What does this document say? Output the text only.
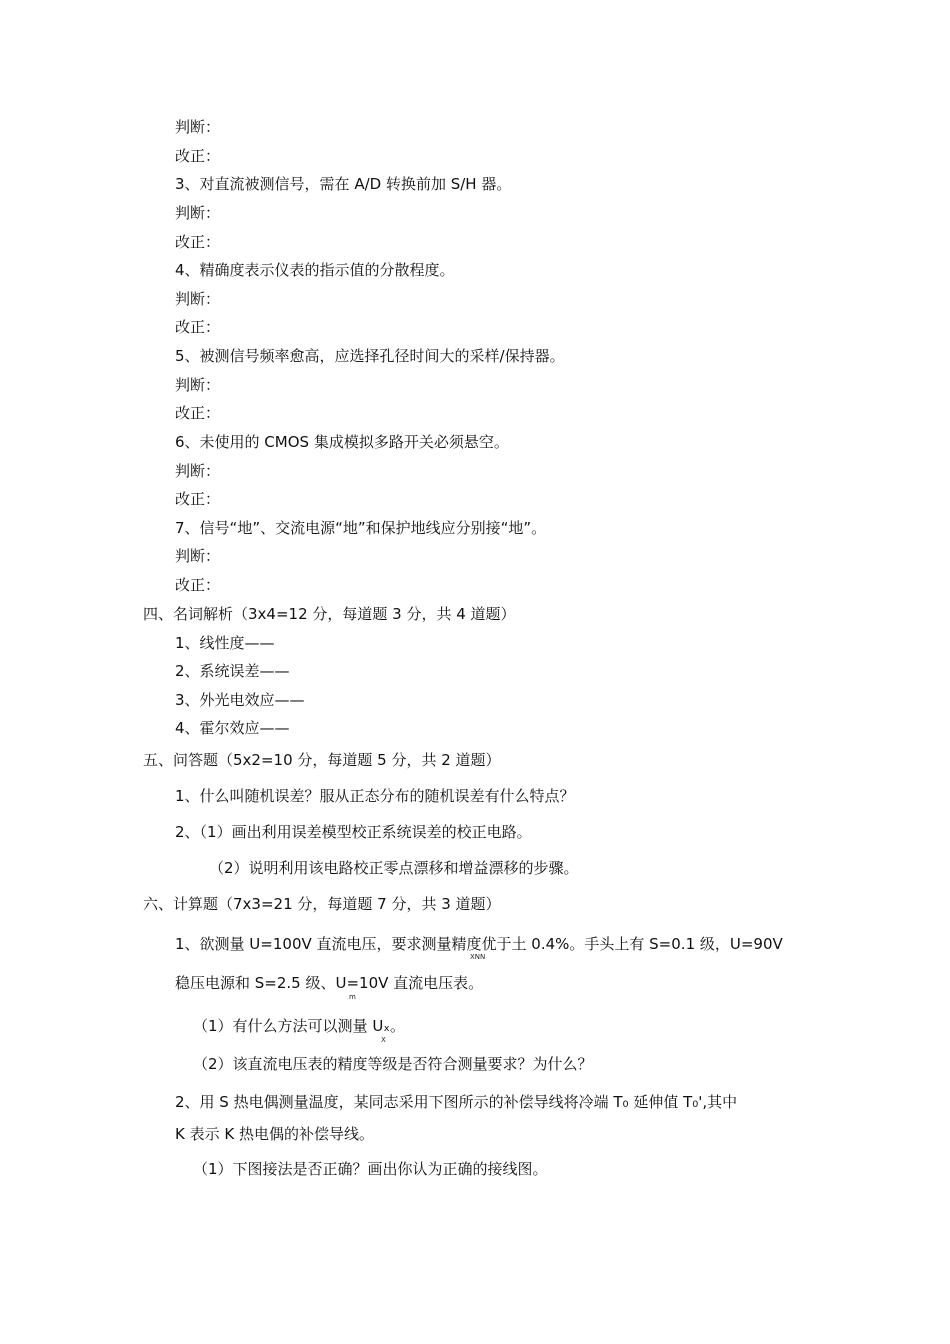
判断：
改正：
3、对直流被测信号，需在 A/D 转换前加 S/H 器。
判断：
改正：
4、精确度表示仪表的指示值的分散程度。
判断：
改正：
5、被测信号频率愈高，应选择孔径时间大的采样/保持器。
判断：
改正：
6、未使用的 CMOS 集成模拟多路开关必须悬空。
判断：
改正：
7、信号“地”、交流电源“地”和保护地线应分别接“地”。
判断：
改正：
四、名词解析（3x4=12 分，每道题 3 分，共 4 道题）
1、线性度——
2、系统误差——
3、外光电效应——
4、霍尔效应——
五、问答题（5x2=10 分，每道题 5 分，共 2 道题）
1、什么叫随机误差？服从正态分布的随机误差有什么特点？
2、（1）画出利用误差模型校正系统误差的校正电路。
（2）说明利用该电路校正零点漂移和增益漂移的步骤。
六、计算题（7x3=21 分，每道题 7 分，共 3 道题）
1、欲测量 U=100V 直流电压，要求测量精度优于土 0.4%。手头上有 S=0.1 级，U=90V
XNN
稳压电源和 S=2.5 级、U=10V 直流电压表。
m
（1）有什么方法可以测量 Uₓ。
X
（2）该直流电压表的精度等级是否符合测量要求？为什么？
2、用 S 热电偶测量温度，某同志采用下图所示的补偿导线将冷端 T₀ 延伸值 T₀',其中
K 表示 K 热电偶的补偿导线。
（1）下图接法是否正确？画出你认为正确的接线图。
